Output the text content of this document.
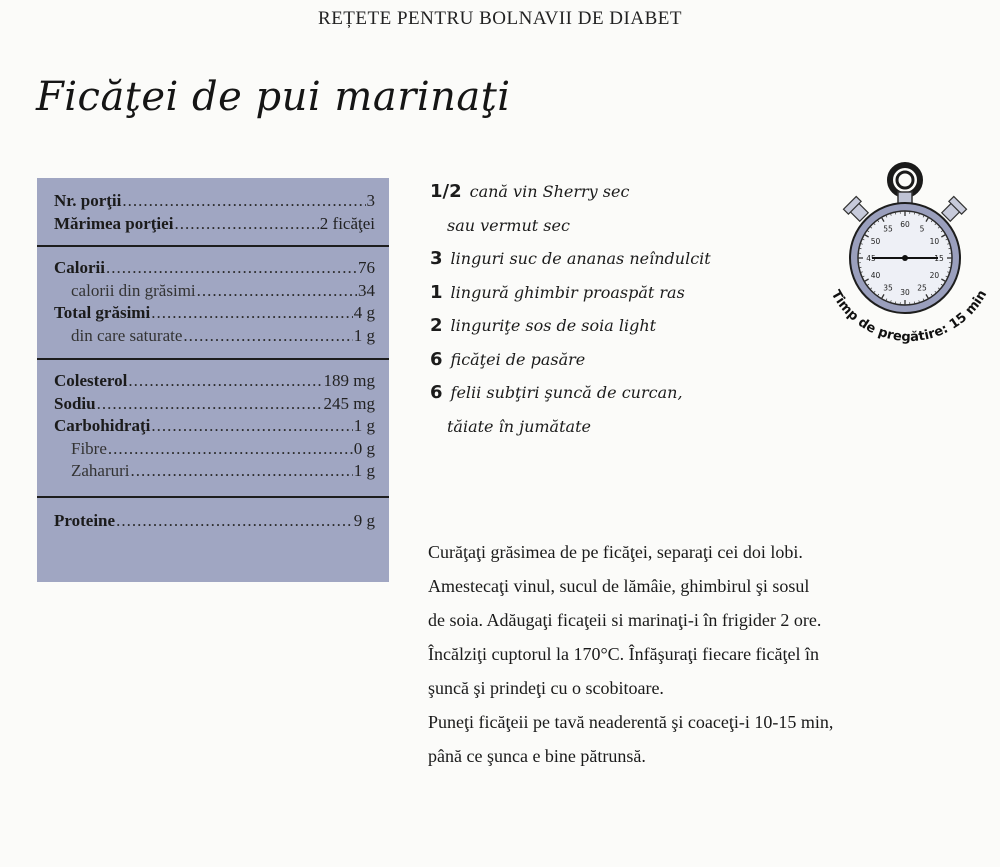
REȚETE PENTRU BOLNAVII DE DIABET
Ficăţei de pui marinaţi
Nr. porţii .....	3
Mărimea porţiei .....	2 ficăţei
Calorii .....	76
calorii din grăsimi .....	34
Total grăsimi .....	4 g
din care saturate .....	1 g
Colesterol .....	189 mg
Sodiu .....	245 mg
Carbohidraţi .....	1 g
Fibre .....	0 g
Zaharuri .....	1 g
Proteine .....	9 g
1/2 cană vin Sherry sec
sau vermut sec
3 linguri suc de ananas neîndulcit
1 lingură ghimbir proaspăt ras
2 linguriţe sos de soia light
6 ficăţei de pasăre
6 felii subţiri şuncă de curcan,
tăiate în jumătate
60
5
10
15
20
25
30
35
40
45
50
55
Timp de pregătire: 15 min
Curăţaţi grăsimea de pe ficăţei, separaţi cei doi lobi.
Amestecaţi vinul, sucul de lămâie, ghimbirul şi sosul
de soia. Adăugaţi ficaţeii si marinaţi-i în frigider 2 ore.
Încălziţi cuptorul la 170°C. Înfăşuraţi fiecare ficăţel în
şuncă şi prindeţi cu o scobitoare.
Puneţi ficăţeii pe tavă neaderentă şi coaceţi-i 10-15 min,
până ce şunca e bine pătrunsă.
